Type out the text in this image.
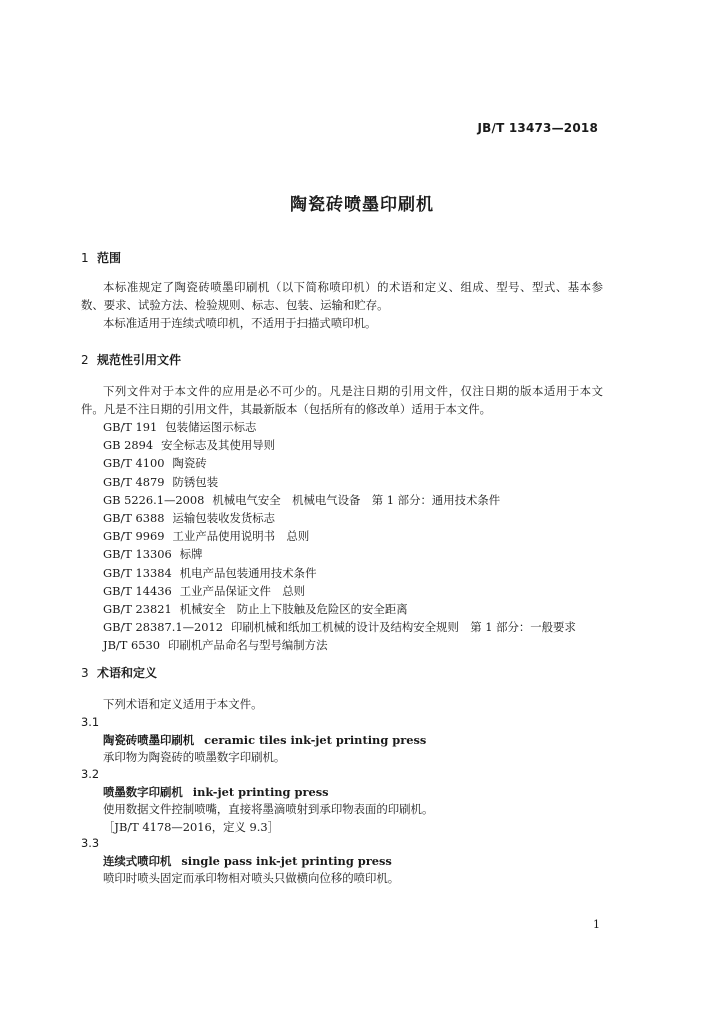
JB/T 13473—2018
陶瓷砖喷墨印刷机
1 范围
本标准规定了陶瓷砖喷墨印刷机（以下简称喷印机）的术语和定义、组成、型号、型式、基本参数、要求、试验方法、检验规则、标志、包装、运输和贮存。
本标准适用于连续式喷印机，不适用于扫描式喷印机。
2 规范性引用文件
下列文件对于本文件的应用是必不可少的。凡是注日期的引用文件，仅注日期的版本适用于本文件。凡是不注日期的引用文件，其最新版本（包括所有的修改单）适用于本文件。
GB/T 191 包装储运图示标志
GB 2894 安全标志及其使用导则
GB/T 4100 陶瓷砖
GB/T 4879 防锈包装
GB 5226.1—2008 机械电气安全　机械电气设备　第 1 部分：通用技术条件
GB/T 6388 运输包装收发货标志
GB/T 9969 工业产品使用说明书　总则
GB/T 13306 标牌
GB/T 13384 机电产品包装通用技术条件
GB/T 14436 工业产品保证文件　总则
GB/T 23821 机械安全　防止上下肢触及危险区的安全距离
GB/T 28387.1—2012 印刷机械和纸加工机械的设计及结构安全规则　第 1 部分：一般要求
JB/T 6530 印刷机产品命名与型号编制方法
3 术语和定义
下列术语和定义适用于本文件。
3.1
陶瓷砖喷墨印刷机 ceramic tiles ink-jet printing press
承印物为陶瓷砖的喷墨数字印刷机。
3.2
喷墨数字印刷机 ink-jet printing press
使用数据文件控制喷嘴，直接将墨滴喷射到承印物表面的印刷机。
［JB/T 4178—2016，定义 9.3］
3.3
连续式喷印机 single pass ink-jet printing press
喷印时喷头固定而承印物相对喷头只做横向位移的喷印机。
1
